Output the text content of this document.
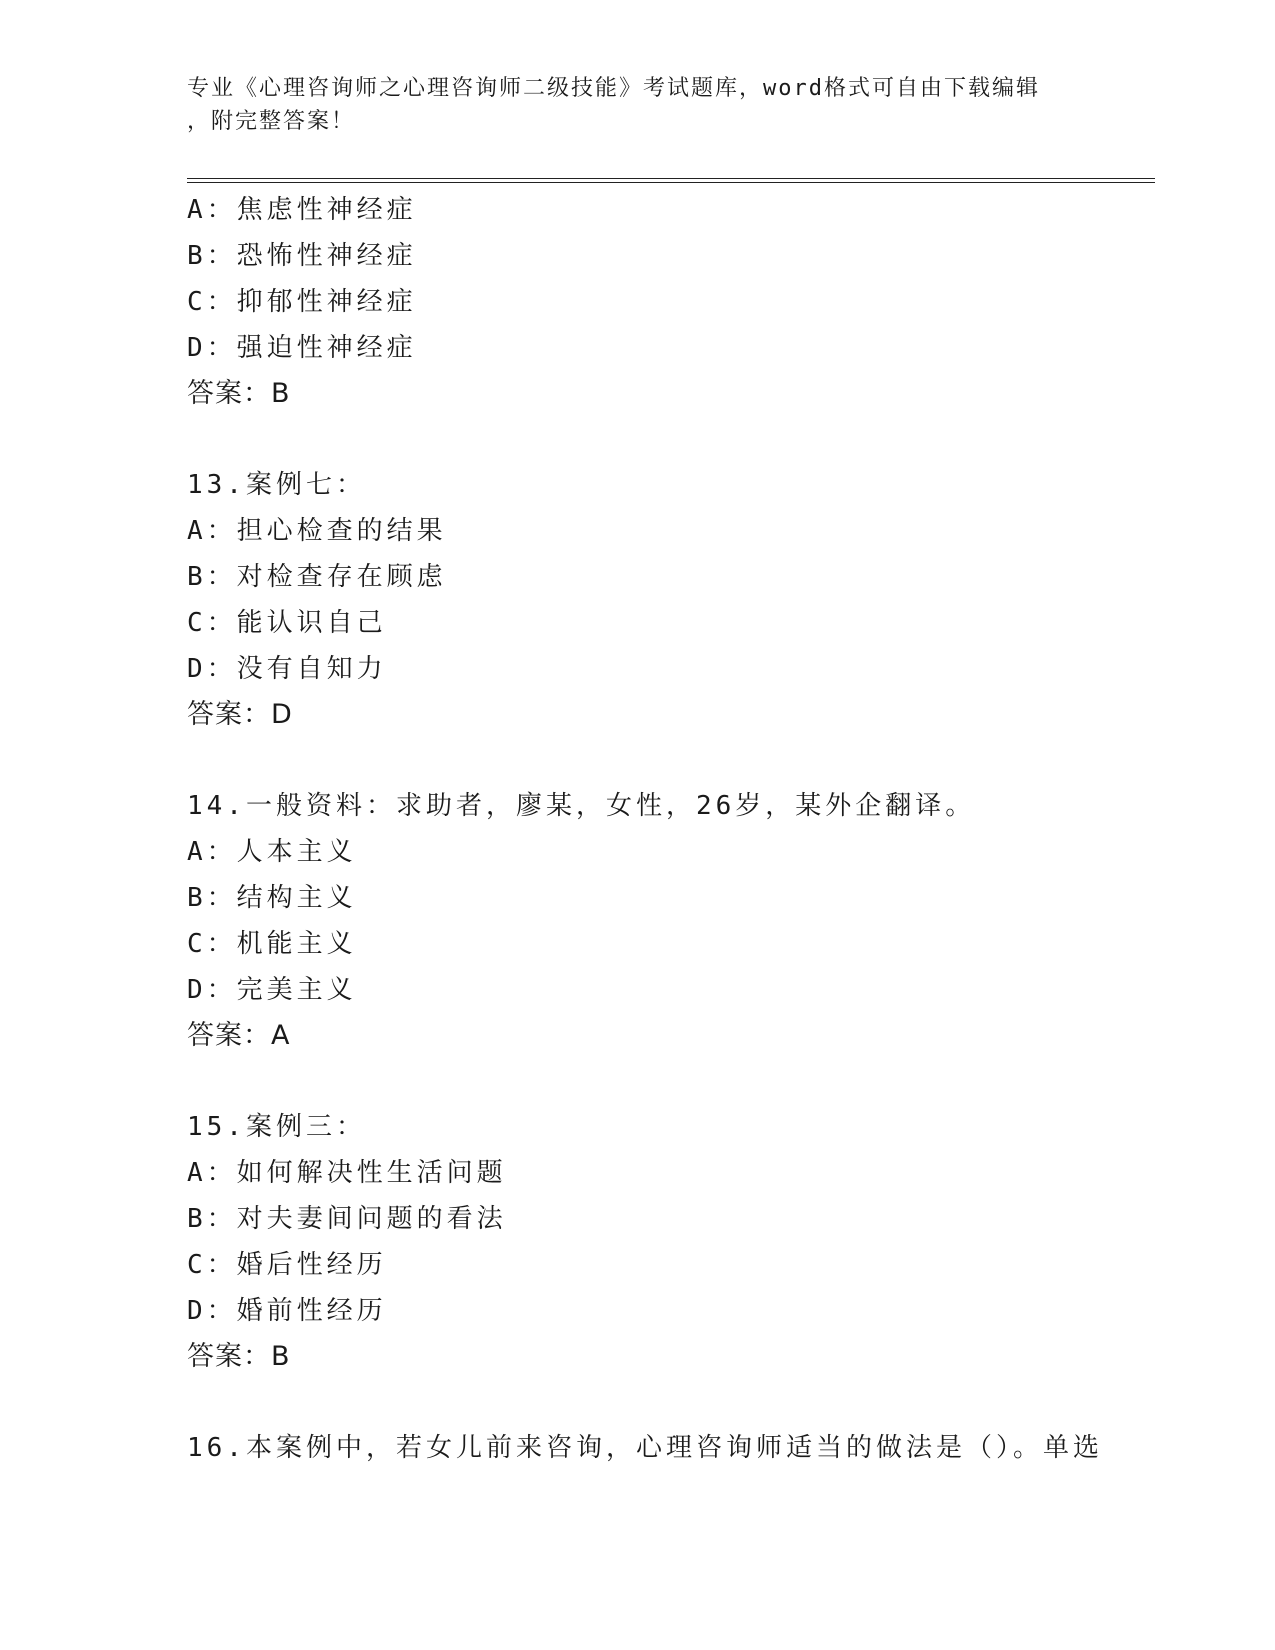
专业《心理咨询师之心理咨询师二级技能》考试题库，word格式可自由下载编辑
，附完整答案！
A：焦虑性神经症
B：恐怖性神经症
C：抑郁性神经症
D：强迫性神经症
答案：B
13.案例七：
A：担心检查的结果
B：对检查存在顾虑
C：能认识自己
D：没有自知力
答案：D
14.一般资料：求助者，廖某，女性，26岁，某外企翻译。
A：人本主义
B：结构主义
C：机能主义
D：完美主义
答案：A
15.案例三：
A：如何解决性生活问题
B：对夫妻间问题的看法
C：婚后性经历
D：婚前性经历
答案：B
16.本案例中，若女儿前来咨询，心理咨询师适当的做法是（）。单选
